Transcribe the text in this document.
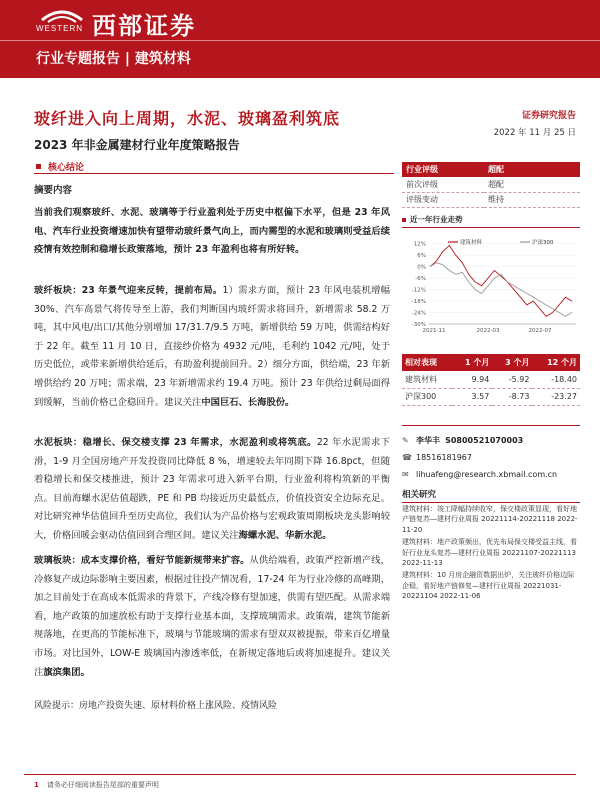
WESTERN 西部证券
行业专题报告 | 建筑材料
玻纤进入向上周期，水泥、玻璃盈利筑底
2023 年非金属建材行业年度策略报告
证券研究报告
2022 年 11 月 25 日
核心结论
摘要内容
当前我们观察玻纤、水泥、玻璃等于行业盈利处于历史中枢偏下水平，但是 23 年风电、汽车行业投资增速加快有望带动玻纤景气向上，而内需型的水泥和玻璃则受益后续疫情有效控制和稳增长政策落地，预计 23 年盈利也将有所好转。
玻纤板块：23 年景气迎来反转，提前布局。1）需求方面，预计 23 年风电装机增幅 30%、汽车高景气将传导至上游，我们判断国内玻纤需求将回升，新增需求 58.2 万吨，其中风电/出口/其他分别增加 17/31.7/9.5 万吨，新增供给 59 万吨，供需结构好于 22 年。截至 11 月 10 日，直接纱价格为 4932 元/吨，毛利约 1042 元/吨，处于历史低位，或带来新增供给延后，有助盈利提前回升。2）细分方面，供给端，23 年新增供给约 20 万吨；需求端，23 年新增需求约 19.4 万吨。预计 23 年供给过剩局面得到缓解，当前价格已企稳回升。建议关注中国巨石、长海股份。
水泥板块：稳增长、保交楼支撑 23 年需求，水泥盈利或将筑底。22 年水泥需求下滑，1-9 月全国房地产开发投资同比降低 8 %，增速较去年同期下降 16.8pct，但随着稳增长和保交楼推进，预计 23 年需求可进入新平台期，行业盈利将构筑新的平衡点。目前海螺水泥估值超跌，PE 和 PB 均接近历史最低点，价值投资安全边际充足。对比研究神华估值回升至历史高位，我们认为产品价格与宏观政策周期板块龙头影响较大，价格回暖会驱动估值回到合理区间。建议关注海螺水泥、华新水泥。
玻璃板块：成本支撑价格，看好节能新规带来扩容。从供给端看，政策严控新增产线，冷修复产成边际影响主要因素，根据过往投产情况看，17-24 年为行业冷修的高峰期，加之目前处于在高成本低需求的背景下，产线冷修有望加速，供需有望匹配。从需求端看，地产政策的加速放松有助于支撑行业基本面，支撑玻璃需求。政策端，建筑节能新规落地，在更高的节能标准下，玻璃与节能玻璃的需求有望双双被提振，带来百亿增量市场。对比国外，LOW-E 玻璃国内渗透率低，在新规定落地后或将加速提升。建议关注旗滨集团。
风险提示：房地产投资失速、原材料价格上涨风险、疫情风险
行业评级	超配
前次评级	超配
评级变动	维持
近一年行业走势
12%
6%
0%
-6%
-12%
-18%
-24%
-30%
2021-11	2022-03	2022-07
建筑材料	沪深300
相对表现	1 个月	3 个月	12 个月
建筑材料	9.94	-5.92	-18.40
沪深300	3.57	-8.73	-23.27
✎ 李华丰
S0800521070003
☎ 18516181967
✉ lihuafeng@research.xbmail.com.cn
相关研究
建筑材料：竣工降幅持续收窄，保交楼政策显现，看好地产链复苏—建材行业周报 20221114-20221118 2022-11-20
建筑材料：地产政策频出，优先布局保交楼受益主线，看好行业龙头复苏—建材行业周报 20221107-20221113 2022-11-13
建筑材料：10 月房企融资数据出炉，关注玻纤价格边际企稳，看好地产链修复—建材行业周报 20221031-20221104 2022-11-06
1 请务必仔细阅读报告尾部的重要声明
